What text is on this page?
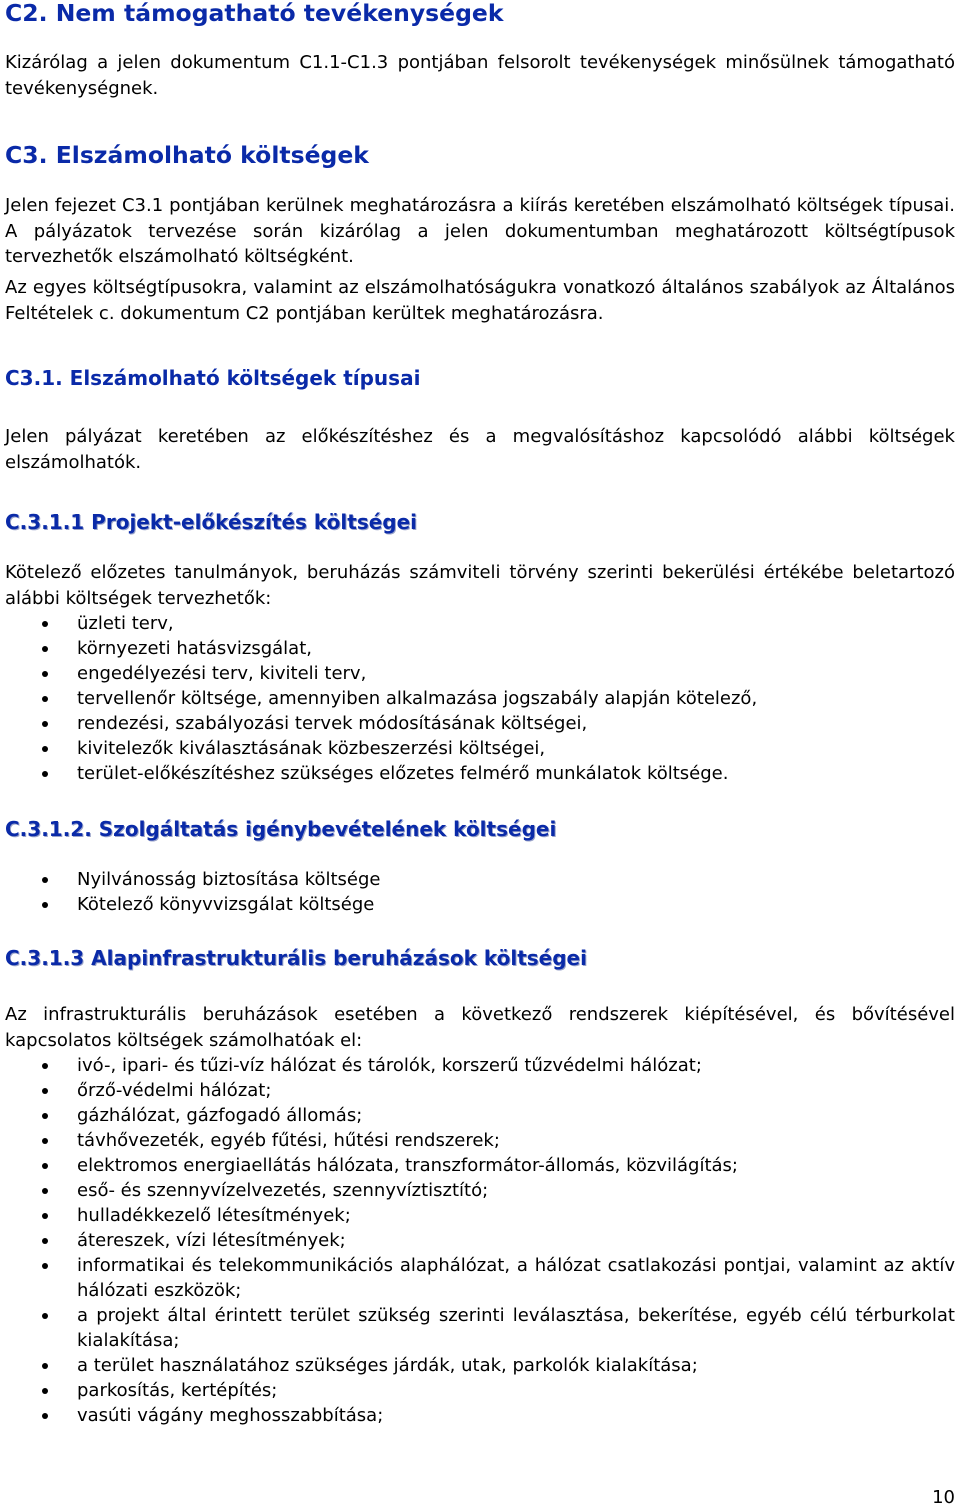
C2. Nem támogatható tevékenységek

Kizárólag a jelen dokumentum C1.1-C1.3 pontjában felsorolt tevékenységek minősülnek támogatható tevékenységnek.

C3. Elszámolható költségek

Jelen fejezet C3.1 pontjában kerülnek meghatározásra a kiírás keretében elszámolható költségek típusai. A pályázatok tervezése során kizárólag a jelen dokumentumban meghatározott költségtípusok tervezhetők elszámolható költségként.

Az egyes költségtípusokra, valamint az elszámolhatóságukra vonatkozó általános szabályok az Általános Feltételek c. dokumentum C2 pontjában kerültek meghatározásra.

C3.1. Elszámolható költségek típusai

Jelen pályázat keretében az előkészítéshez és a megvalósításhoz kapcsolódó alábbi költségek elszámolhatók.

C.3.1.1 Projekt-előkészítés költségei

Kötelező előzetes tanulmányok, beruházás számviteli törvény szerinti bekerülési értékébe beletartozó alábbi költségek tervezhetők:

üzleti terv,
környezeti hatásvizsgálat,
engedélyezési terv, kiviteli terv,
tervellenőr költsége, amennyiben alkalmazása jogszabály alapján kötelező,
rendezési, szabályozási tervek módosításának költségei,
kivitelezők kiválasztásának közbeszerzési költségei,
terület-előkészítéshez szükséges előzetes felmérő munkálatok költsége.
C.3.1.2. Szolgáltatás igénybevételének költségei
Nyilvánosság biztosítása költsége
Kötelező könyvvizsgálat költsége
C.3.1.3 Alapinfrastrukturális beruházások költségei

Az infrastrukturális beruházások esetében a következő rendszerek kiépítésével, és bővítésével kapcsolatos költségek számolhatóak el:

ivó-, ipari- és tűzi-víz hálózat és tárolók, korszerű tűzvédelmi hálózat;
őrző-védelmi hálózat;
gázhálózat, gázfogadó állomás;
távhővezeték, egyéb fűtési, hűtési rendszerek;
elektromos energiaellátás hálózata, transzformátor-állomás, közvilágítás;
eső- és szennyvízelvezetés, szennyvíztisztító;
hulladékkezelő létesítmények;
átereszek, vízi létesítmények;
informatikai és telekommunikációs alaphálózat, a hálózat csatlakozási pontjai, valamint az aktív hálózati eszközök;
a projekt által érintett terület szükség szerinti leválasztása, bekerítése, egyéb célú térburkolat kialakítása;
a terület használatához szükséges járdák, utak, parkolók kialakítása;
parkosítás, kertépítés;
vasúti vágány meghosszabbítása;
10
